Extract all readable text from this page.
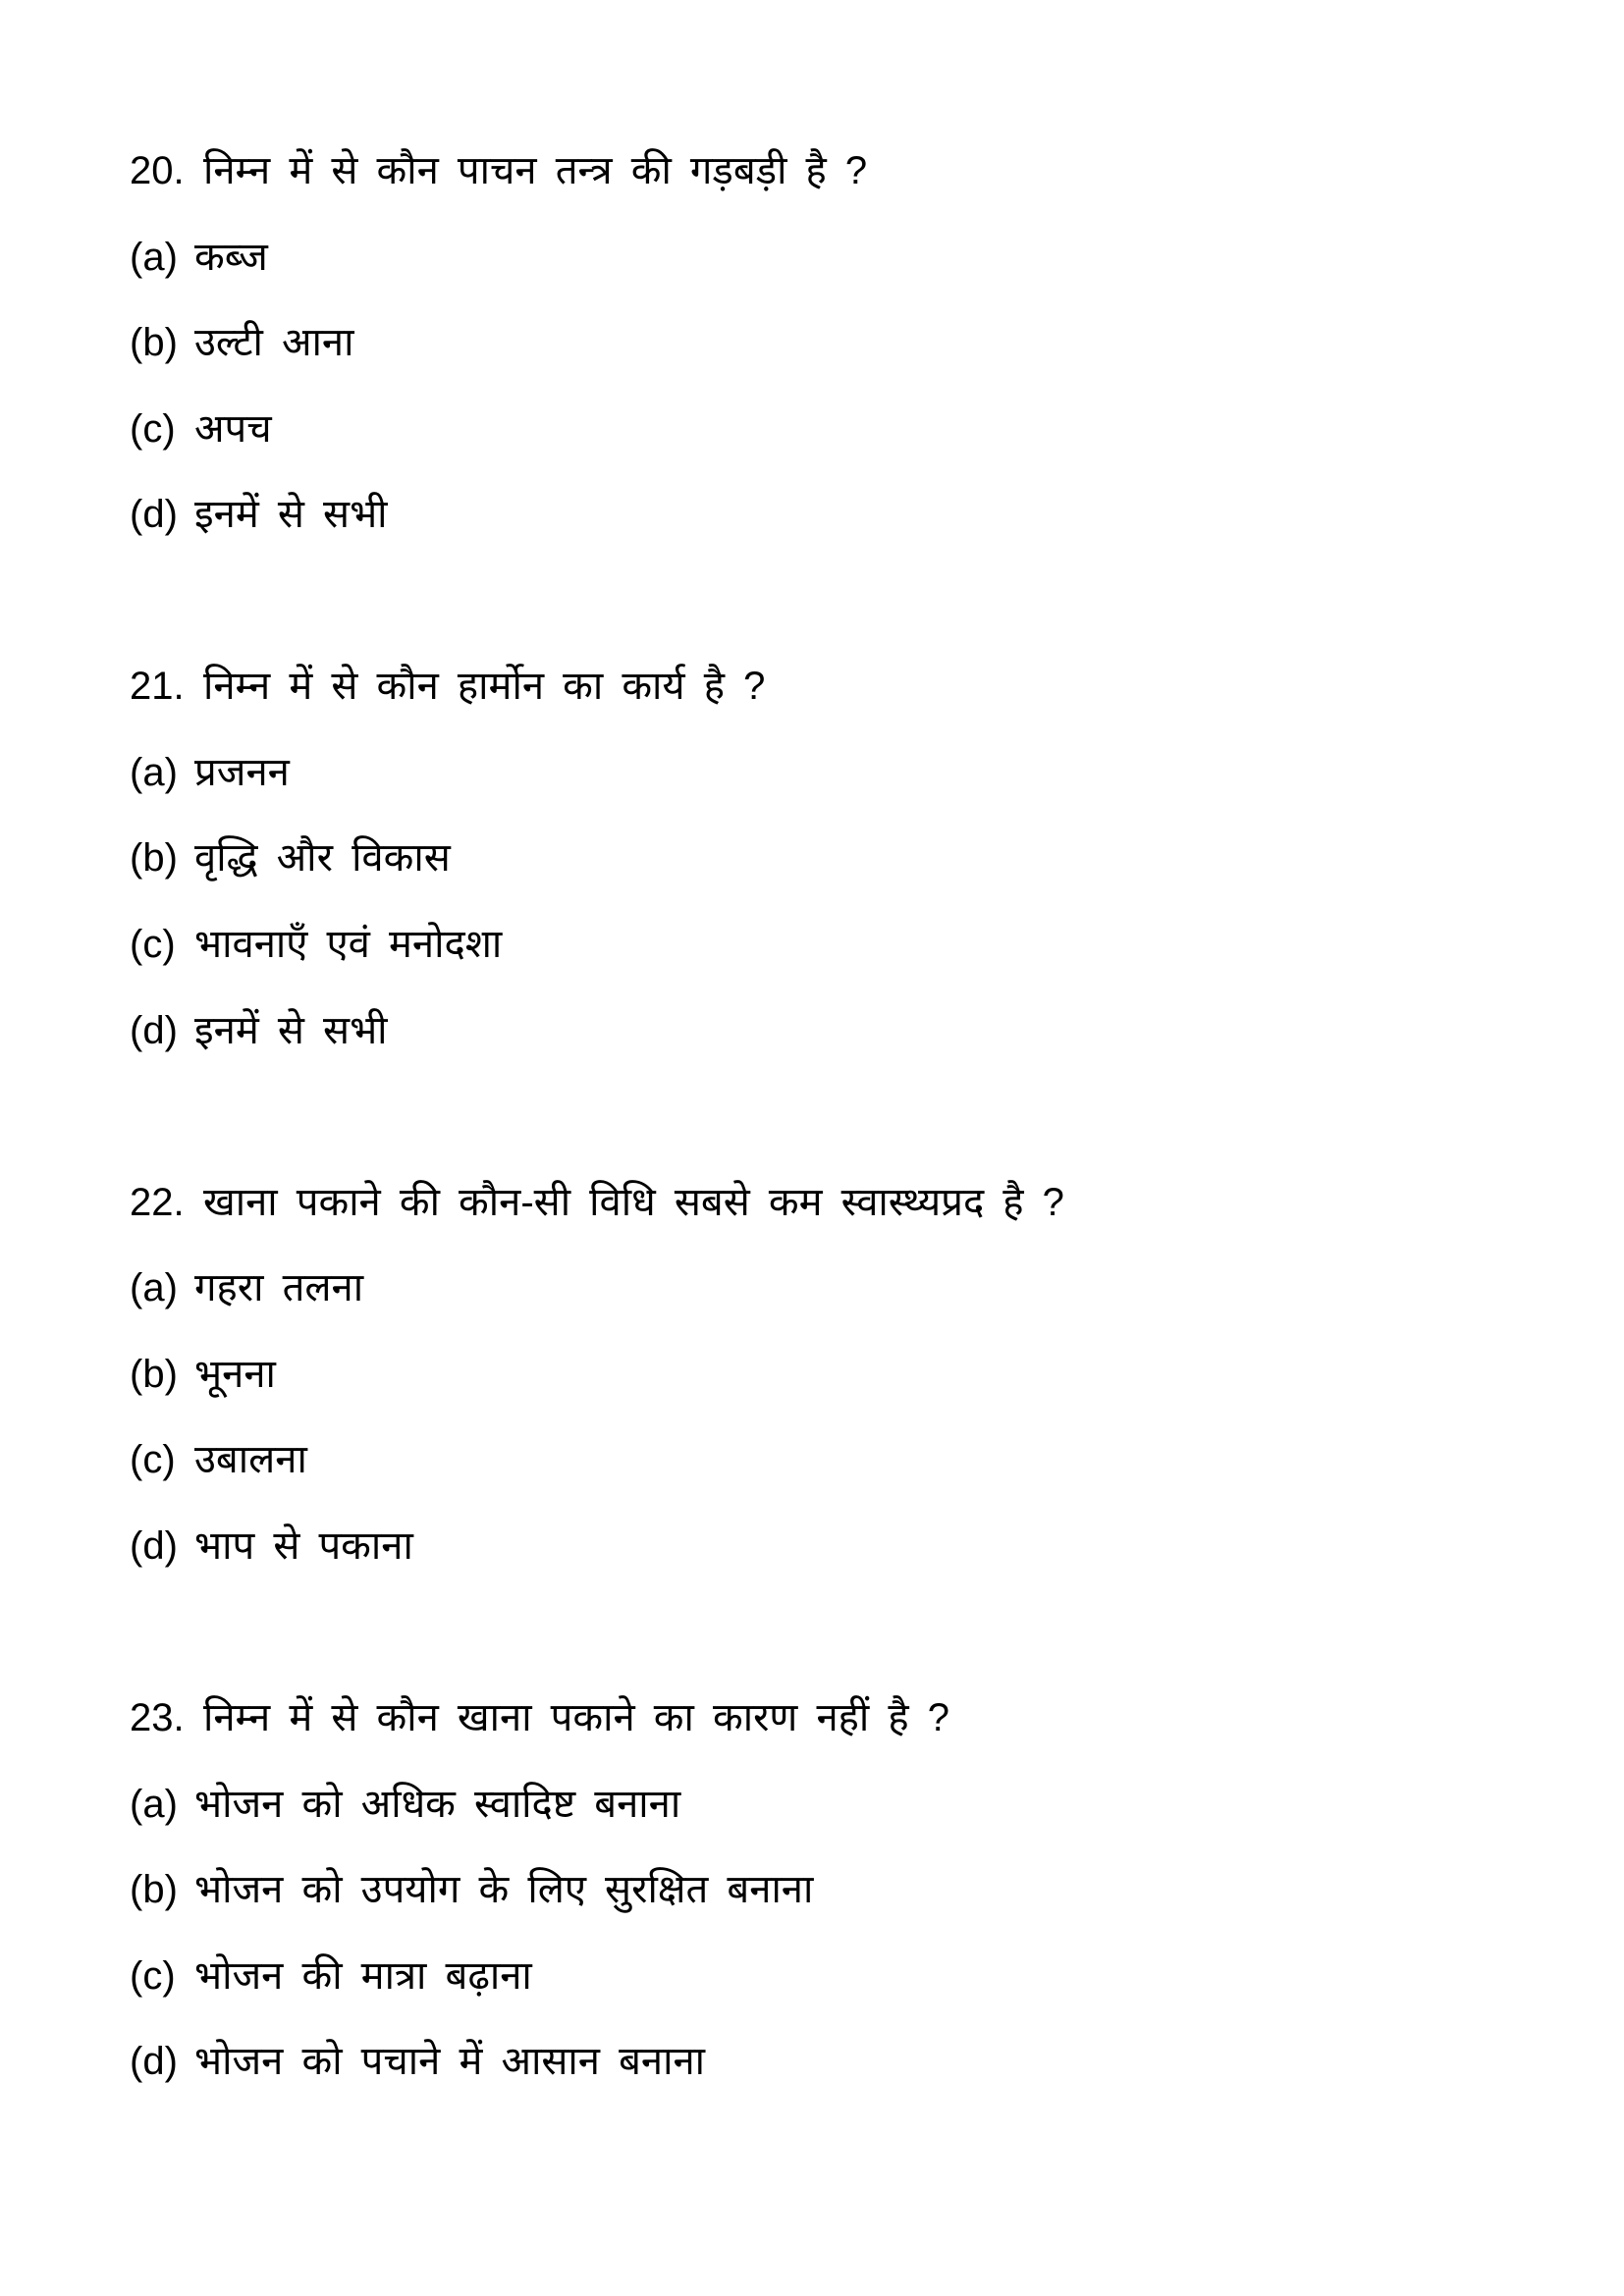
20. निम्न में से कौन पाचन तन्त्र की गड़बड़ी है ?
(a) कब्ज
(b) उल्टी आना
(c) अपच
(d) इनमें से सभी
21. निम्न में से कौन हार्मोन का कार्य है ?
(a) प्रजनन
(b) वृद्धि और विकास
(c) भावनाएँ एवं मनोदशा
(d) इनमें से सभी
22. खाना पकाने की कौन-सी विधि सबसे कम स्वास्थ्यप्रद है ?
(a) गहरा तलना
(b) भूनना
(c) उबालना
(d) भाप से पकाना
23. निम्न में से कौन खाना पकाने का कारण नहीं है ?
(a) भोजन को अधिक स्वादिष्ट बनाना
(b) भोजन को उपयोग के लिए सुरक्षित बनाना
(c) भोजन की मात्रा बढ़ाना
(d) भोजन को पचाने में आसान बनाना
